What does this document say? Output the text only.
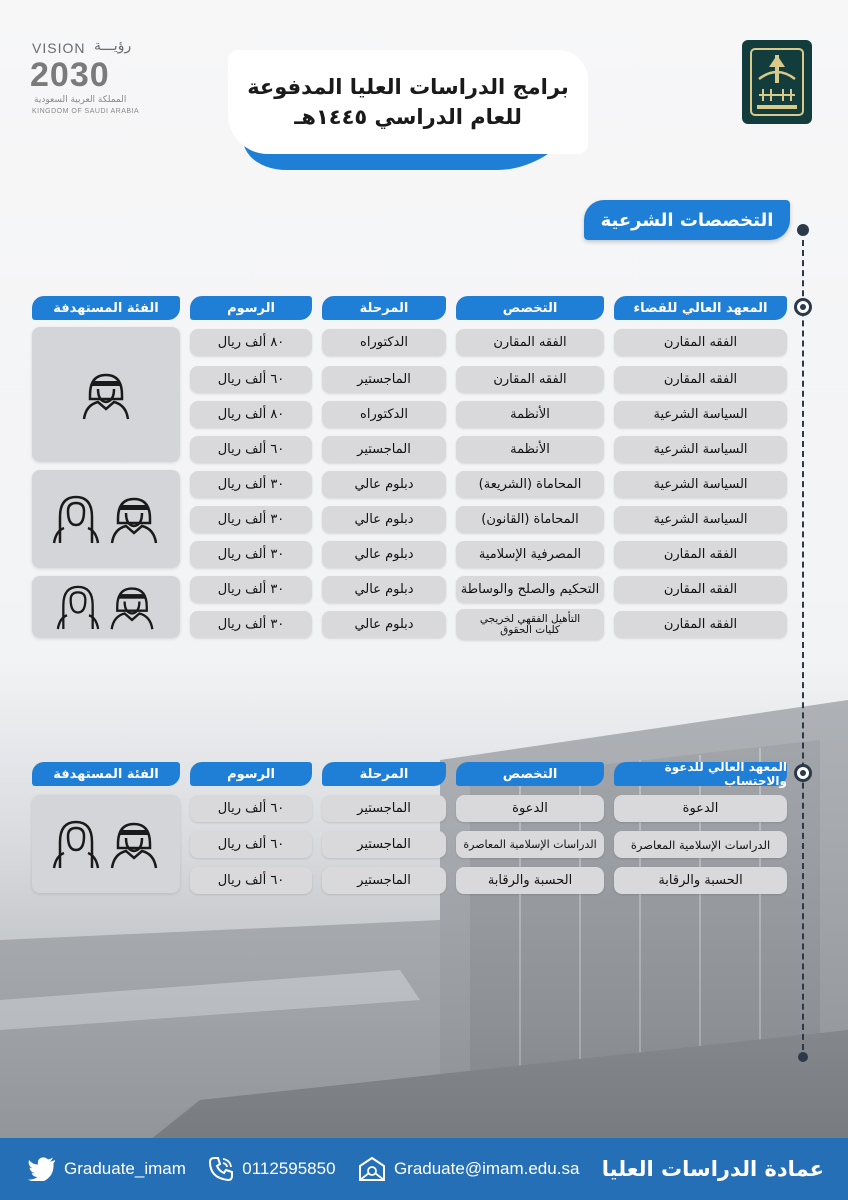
VISION رؤيـــة
2030
المملكة العربية السعودية
KINGDOM OF SAUDI ARABIA
برامج الدراسات العليا المدفوعة
للعام الدراسي ١٤٤٥هـ
التخصصات الشرعية
المعهد العالي للقضاء
التخصص
المرحلة
الرسوم
الفئة المستهدفة
الفقه المقارن
الفقه المقارن
الدكتوراه
٨٠ ألف ريال
الفقه المقارن
الفقه المقارن
الماجستير
٦٠ ألف ريال
السياسة الشرعية
الأنظمة
الدكتوراه
٨٠ ألف ريال
السياسة الشرعية
الأنظمة
الماجستير
٦٠ ألف ريال
السياسة الشرعية
المحاماة (الشريعة)
دبلوم عالي
٣٠ ألف ريال
السياسة الشرعية
المحاماة (القانون)
دبلوم عالي
٣٠ ألف ريال
الفقه المقارن
المصرفية الإسلامية
دبلوم عالي
٣٠ ألف ريال
الفقه المقارن
التحكيم والصلح والوساطة
دبلوم عالي
٣٠ ألف ريال
الفقه المقارن
التأهيل الفقهي لخريجي كليات الحقوق
دبلوم عالي
٣٠ ألف ريال
المعهد العالي للدعوة والاحتساب
التخصص
المرحلة
الرسوم
الفئة المستهدفة
الدعوة
الدعوة
الماجستير
٦٠ ألف ريال
الدراسات الإسلامية المعاصرة
الدراسات الإسلامية المعاصرة
الماجستير
٦٠ ألف ريال
الحسبة والرقابة
الحسبة والرقابة
الماجستير
٦٠ ألف ريال
Graduate_imam	0112595850	Graduate@imam.edu.sa عمادة الدراسات العليا
